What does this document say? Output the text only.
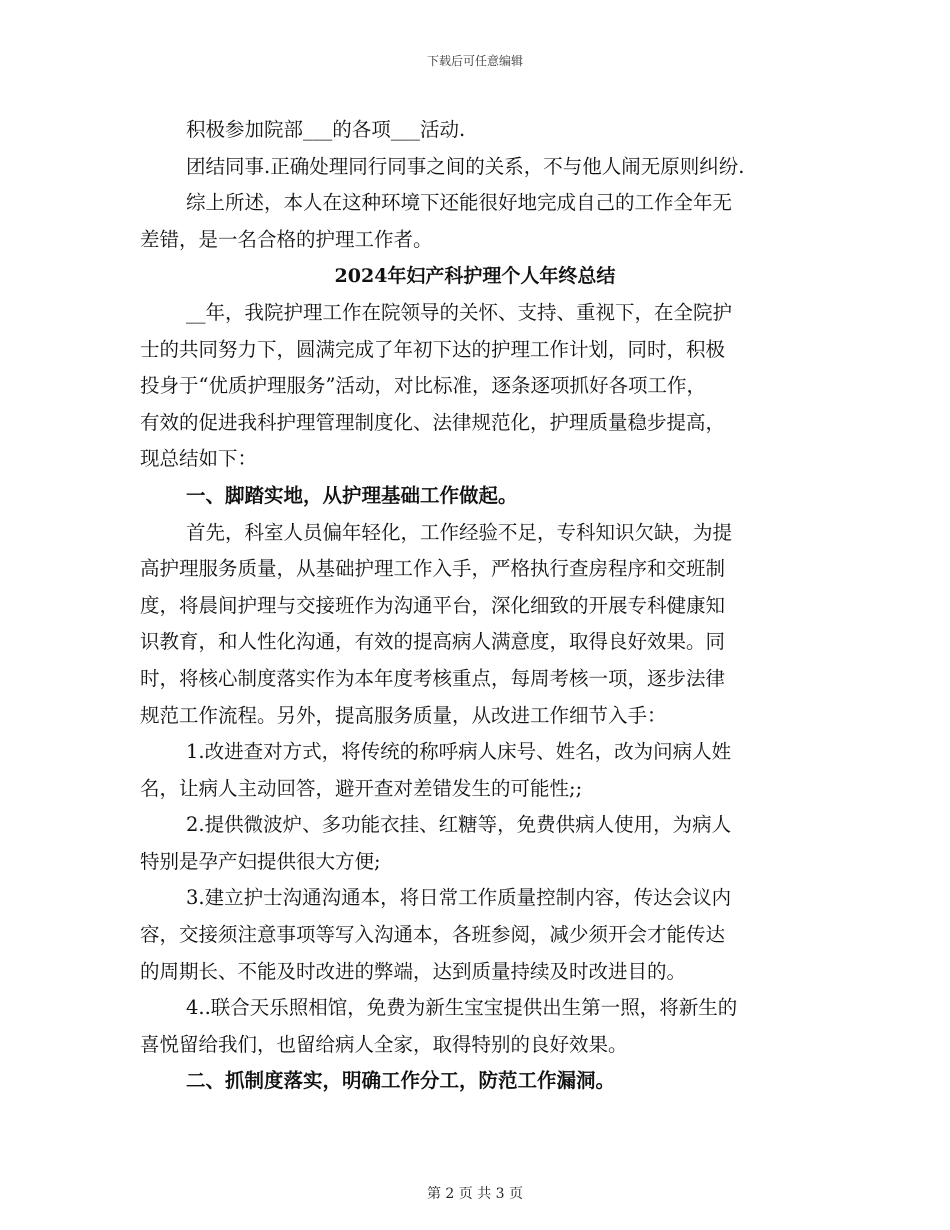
下载后可任意编辑
积极参加院部___的各项___活动.
团结同事.正确处理同行同事之间的关系，不与他人闹无原则纠纷.
综上所述，本人在这种环境下还能很好地完成自己的工作全年无
差错，是一名合格的护理工作者。
2024年妇产科护理个人年终总结
__年，我院护理工作在院领导的关怀、支持、重视下，在全院护
士的共同努力下，圆满完成了年初下达的护理工作计划，同时，积极
投身于“优质护理服务”活动，对比标准，逐条逐项抓好各项工作，
有效的促进我科护理管理制度化、法律规范化，护理质量稳步提高，
现总结如下：
一、脚踏实地，从护理基础工作做起。
首先，科室人员偏年轻化，工作经验不足，专科知识欠缺，为提
高护理服务质量，从基础护理工作入手，严格执行查房程序和交班制
度，将晨间护理与交接班作为沟通平台，深化细致的开展专科健康知
识教育，和人性化沟通，有效的提高病人满意度，取得良好效果。同
时，将核心制度落实作为本年度考核重点，每周考核一项，逐步法律
规范工作流程。另外，提高服务质量，从改进工作细节入手：
1.改进查对方式，将传统的称呼病人床号、姓名，改为问病人姓
名，让病人主动回答，避开查对差错发生的可能性;;
2.提供微波炉、多功能衣挂、红糖等，免费供病人使用，为病人
特别是孕产妇提供很大方便;
3.建立护士沟通沟通本，将日常工作质量控制内容，传达会议内
容，交接须注意事项等写入沟通本，各班参阅，减少须开会才能传达
的周期长、不能及时改进的弊端，达到质量持续及时改进目的。
4..联合天乐照相馆，免费为新生宝宝提供出生第一照，将新生的
喜悦留给我们，也留给病人全家，取得特别的良好效果。
二、抓制度落实，明确工作分工，防范工作漏洞。
第 2 页 共 3 页
